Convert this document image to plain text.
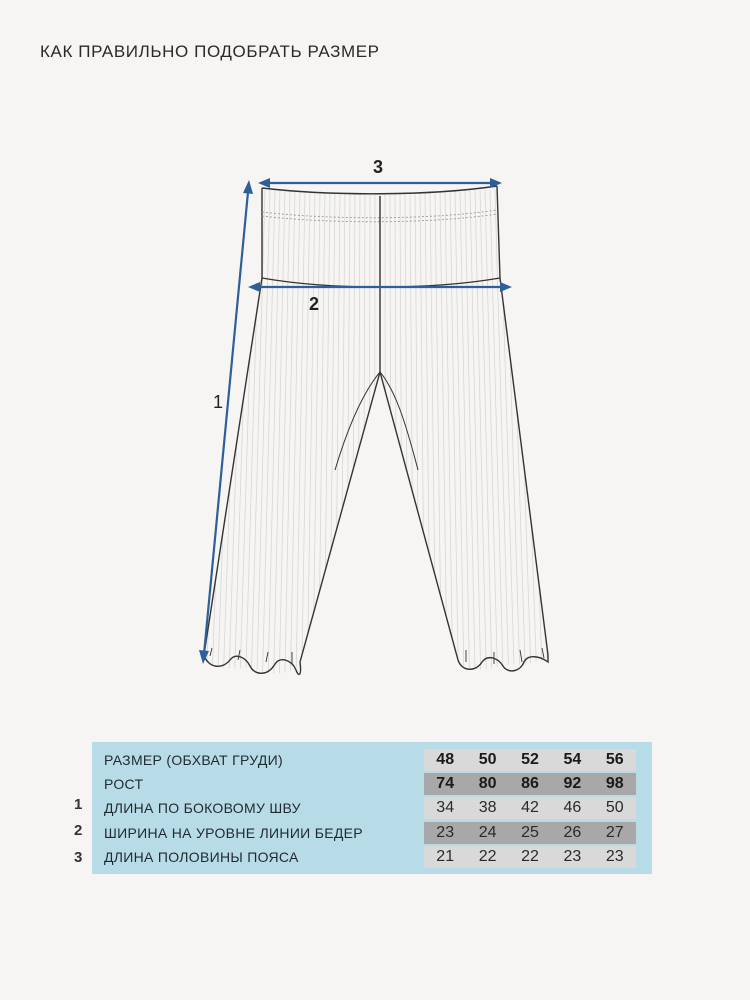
КАК ПРАВИЛЬНО ПОДОБРАТЬ РАЗМЕР
3
2
1
1
2
3
РАЗМЕР (ОБХВАТ ГРУДИ)	48	50	52	54	56
РОСТ	74	80	86	92	98
ДЛИНА ПО БОКОВОМУ ШВУ	34	38	42	46	50
ШИРИНА НА УРОВНЕ ЛИНИИ БЕДЕР	23	24	25	26	27
ДЛИНА ПОЛОВИНЫ ПОЯСА	21	22	22	23	23
